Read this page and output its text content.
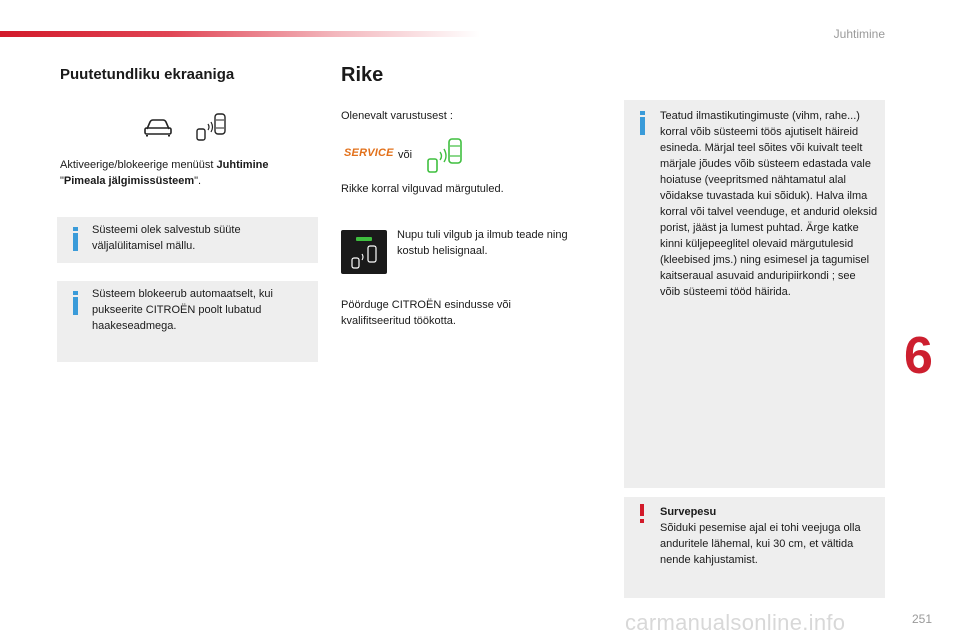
Juhtimine
6
251
Puutetundliku ekraaniga
Aktiveerige/blokeerige menüüst Juhtimine
"Pimeala jälgimissüsteem".
Süsteemi olek salvestub süüte väljalülitamisel mällu.
Süsteem blokeerub automaatselt, kui pukseerite CITROËN poolt lubatud haakeseadmega.
Rike
Olenevalt varustusest :
SERVICE või
Rikke korral vilguvad märgutuled.
Nupu tuli vilgub ja ilmub teade ning kostub helisignaal.
Pöörduge CITROËN esindusse või kvalifitseeritud töökotta.
Teatud ilmastikutingimuste (vihm, rahe...) korral võib süsteemi töös ajutiselt häireid esineda. Märjal teel sõites või kuivalt teelt märjale jõudes võib süsteem edastada vale hoiatuse (veepritsmed nähtamatul alal võidakse tuvastada kui sõiduk). Halva ilma korral või talvel veenduge, et andurid oleksid porist, jääst ja lumest puhtad. Ärge katke kinni küljepeeglitel olevaid märgutulesid (kleebised jms.) ning esimesel ja tagumisel kaitseraual asuvaid anduripiirkondi ; see võib süsteemi tööd häirida.
Survepesu
Sõiduki pesemise ajal ei tohi veejuga olla anduritele lähemal, kui 30 cm, et vältida nende kahjustamist.
carmanualsonline.info
